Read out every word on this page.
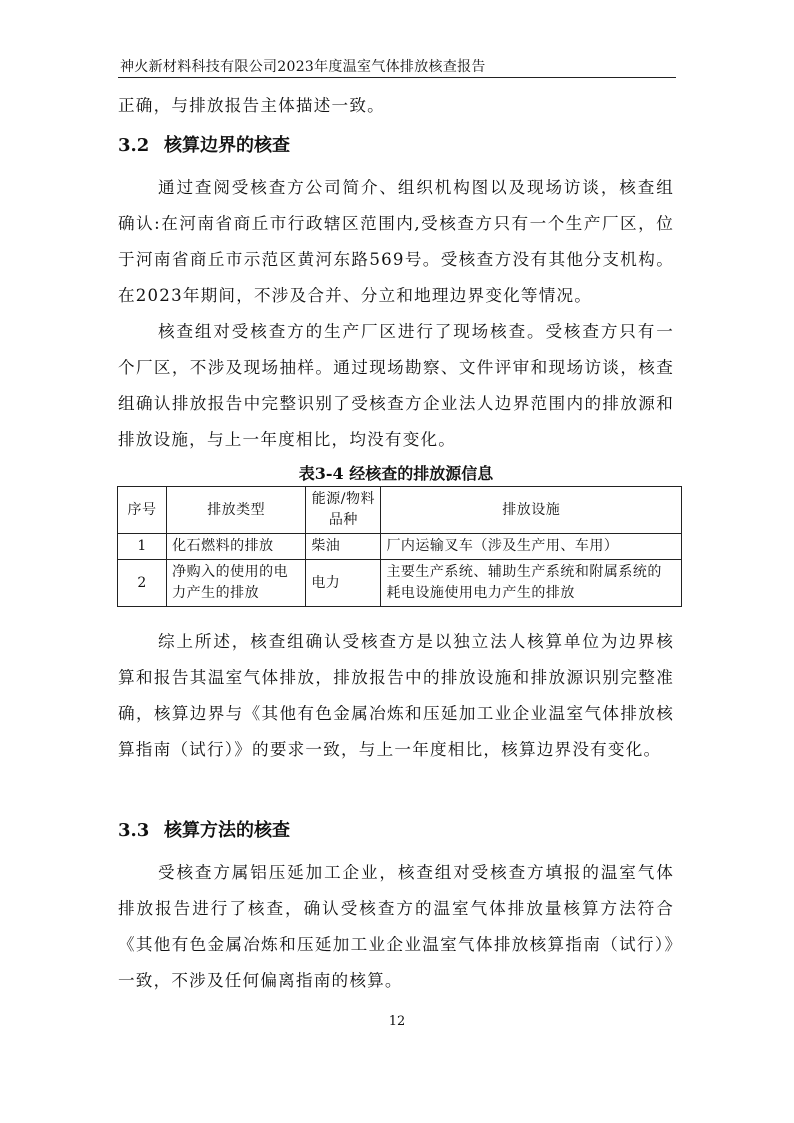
神火新材料科技有限公司2023年度温室气体排放核查报告

正确，与排放报告主体描述一致。

3.2 核算边界的核查

通过查阅受核查方公司简介、组织机构图以及现场访谈，核查组确认:在河南省商丘市行政辖区范围内,受核查方只有一个生产厂区，位于河南省商丘市示范区黄河东路569号。受核查方没有其他分支机构。在2023年期间，不涉及合并、分立和地理边界变化等情况。

核查组对受核查方的生产厂区进行了现场核查。受核查方只有一个厂区，不涉及现场抽样。通过现场勘察、文件评审和现场访谈，核查组确认排放报告中完整识别了受核查方企业法人边界范围内的排放源和排放设施，与上一年度相比，均没有变化。

表3-4 经核查的排放源信息
序号	排放类型	能源/物料品种	排放设施
1	化石燃料的排放	柴油	厂内运输叉车（涉及生产用、车用）
2	净购入的使用的电力产生的排放	电力	主要生产系统、辅助生产系统和附属系统的耗电设施使用电力产生的排放

综上所述，核查组确认受核查方是以独立法人核算单位为边界核算和报告其温室气体排放，排放报告中的排放设施和排放源识别完整准确，核算边界与《其他有色金属冶炼和压延加工业企业温室气体排放核算指南（试行）》的要求一致，与上一年度相比，核算边界没有变化。

3.3 核算方法的核查

受核查方属铝压延加工企业，核查组对受核查方填报的温室气体排放报告进行了核查，确认受核查方的温室气体排放量核算方法符合《其他有色金属冶炼和压延加工业企业温室气体排放核算指南（试行）》一致，不涉及任何偏离指南的核算。

12
